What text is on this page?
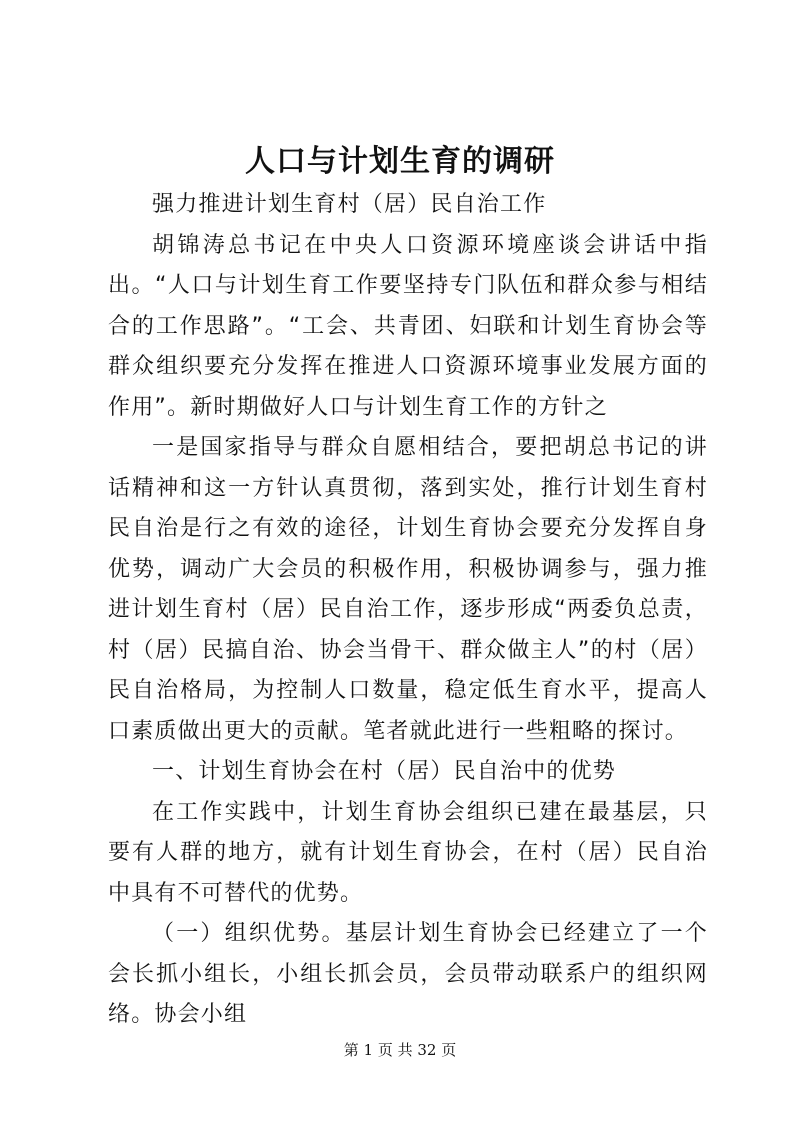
人口与计划生育的调研

强力推进计划生育村（居）民自治工作

胡锦涛总书记在中央人口资源环境座谈会讲话中指出。“人口与计划生育工作要坚持专门队伍和群众参与相结合的工作思路”。“工会、共青团、妇联和计划生育协会等群众组织要充分发挥在推进人口资源环境事业发展方面的作用”。新时期做好人口与计划生育工作的方针之

一是国家指导与群众自愿相结合，要把胡总书记的讲话精神和这一方针认真贯彻，落到实处，推行计划生育村民自治是行之有效的途径，计划生育协会要充分发挥自身优势，调动广大会员的积极作用，积极协调参与，强力推进计划生育村（居）民自治工作，逐步形成“两委负总责，村（居）民搞自治、协会当骨干、群众做主人”的村（居）民自治格局，为控制人口数量，稳定低生育水平，提高人口素质做出更大的贡献。笔者就此进行一些粗略的探讨。

一、计划生育协会在村（居）民自治中的优势

在工作实践中，计划生育协会组织已建在最基层，只要有人群的地方，就有计划生育协会，在村（居）民自治中具有不可替代的优势。

（一）组织优势。基层计划生育协会已经建立了一个会长抓小组长，小组长抓会员，会员带动联系户的组织网络。协会小组

第 1 页 共 32 页
